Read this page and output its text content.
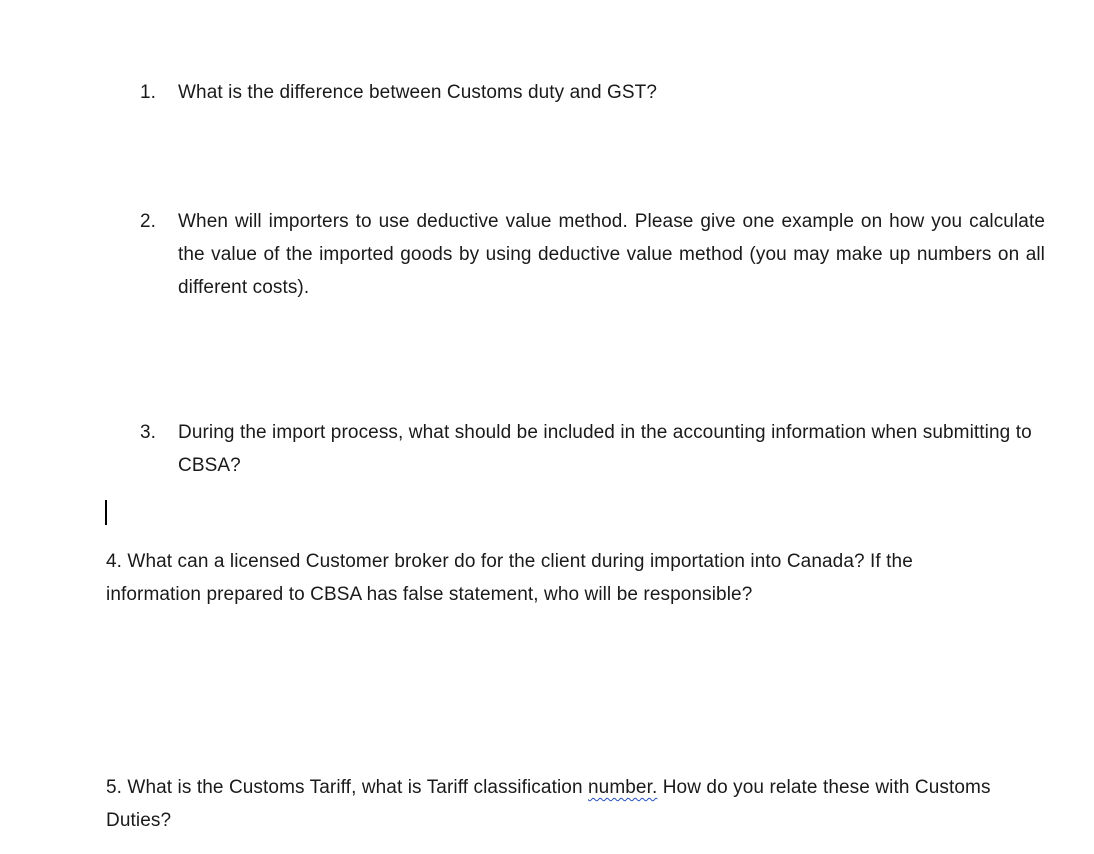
1.	What is the difference between Customs duty and GST?
2.	When will importers to use deductive value method. Please give one example on how you calculate the value of the imported goods by using deductive value method (you may make up numbers on all different costs).
3.	During the import process, what should be included in the accounting information when submitting to CBSA?
4. What can a licensed Customer broker do for the client during importation into Canada? If the information prepared to CBSA has false statement, who will be responsible?
5. What is the Customs Tariff, what is Tariff classification number. How do you relate these with Customs Duties?
